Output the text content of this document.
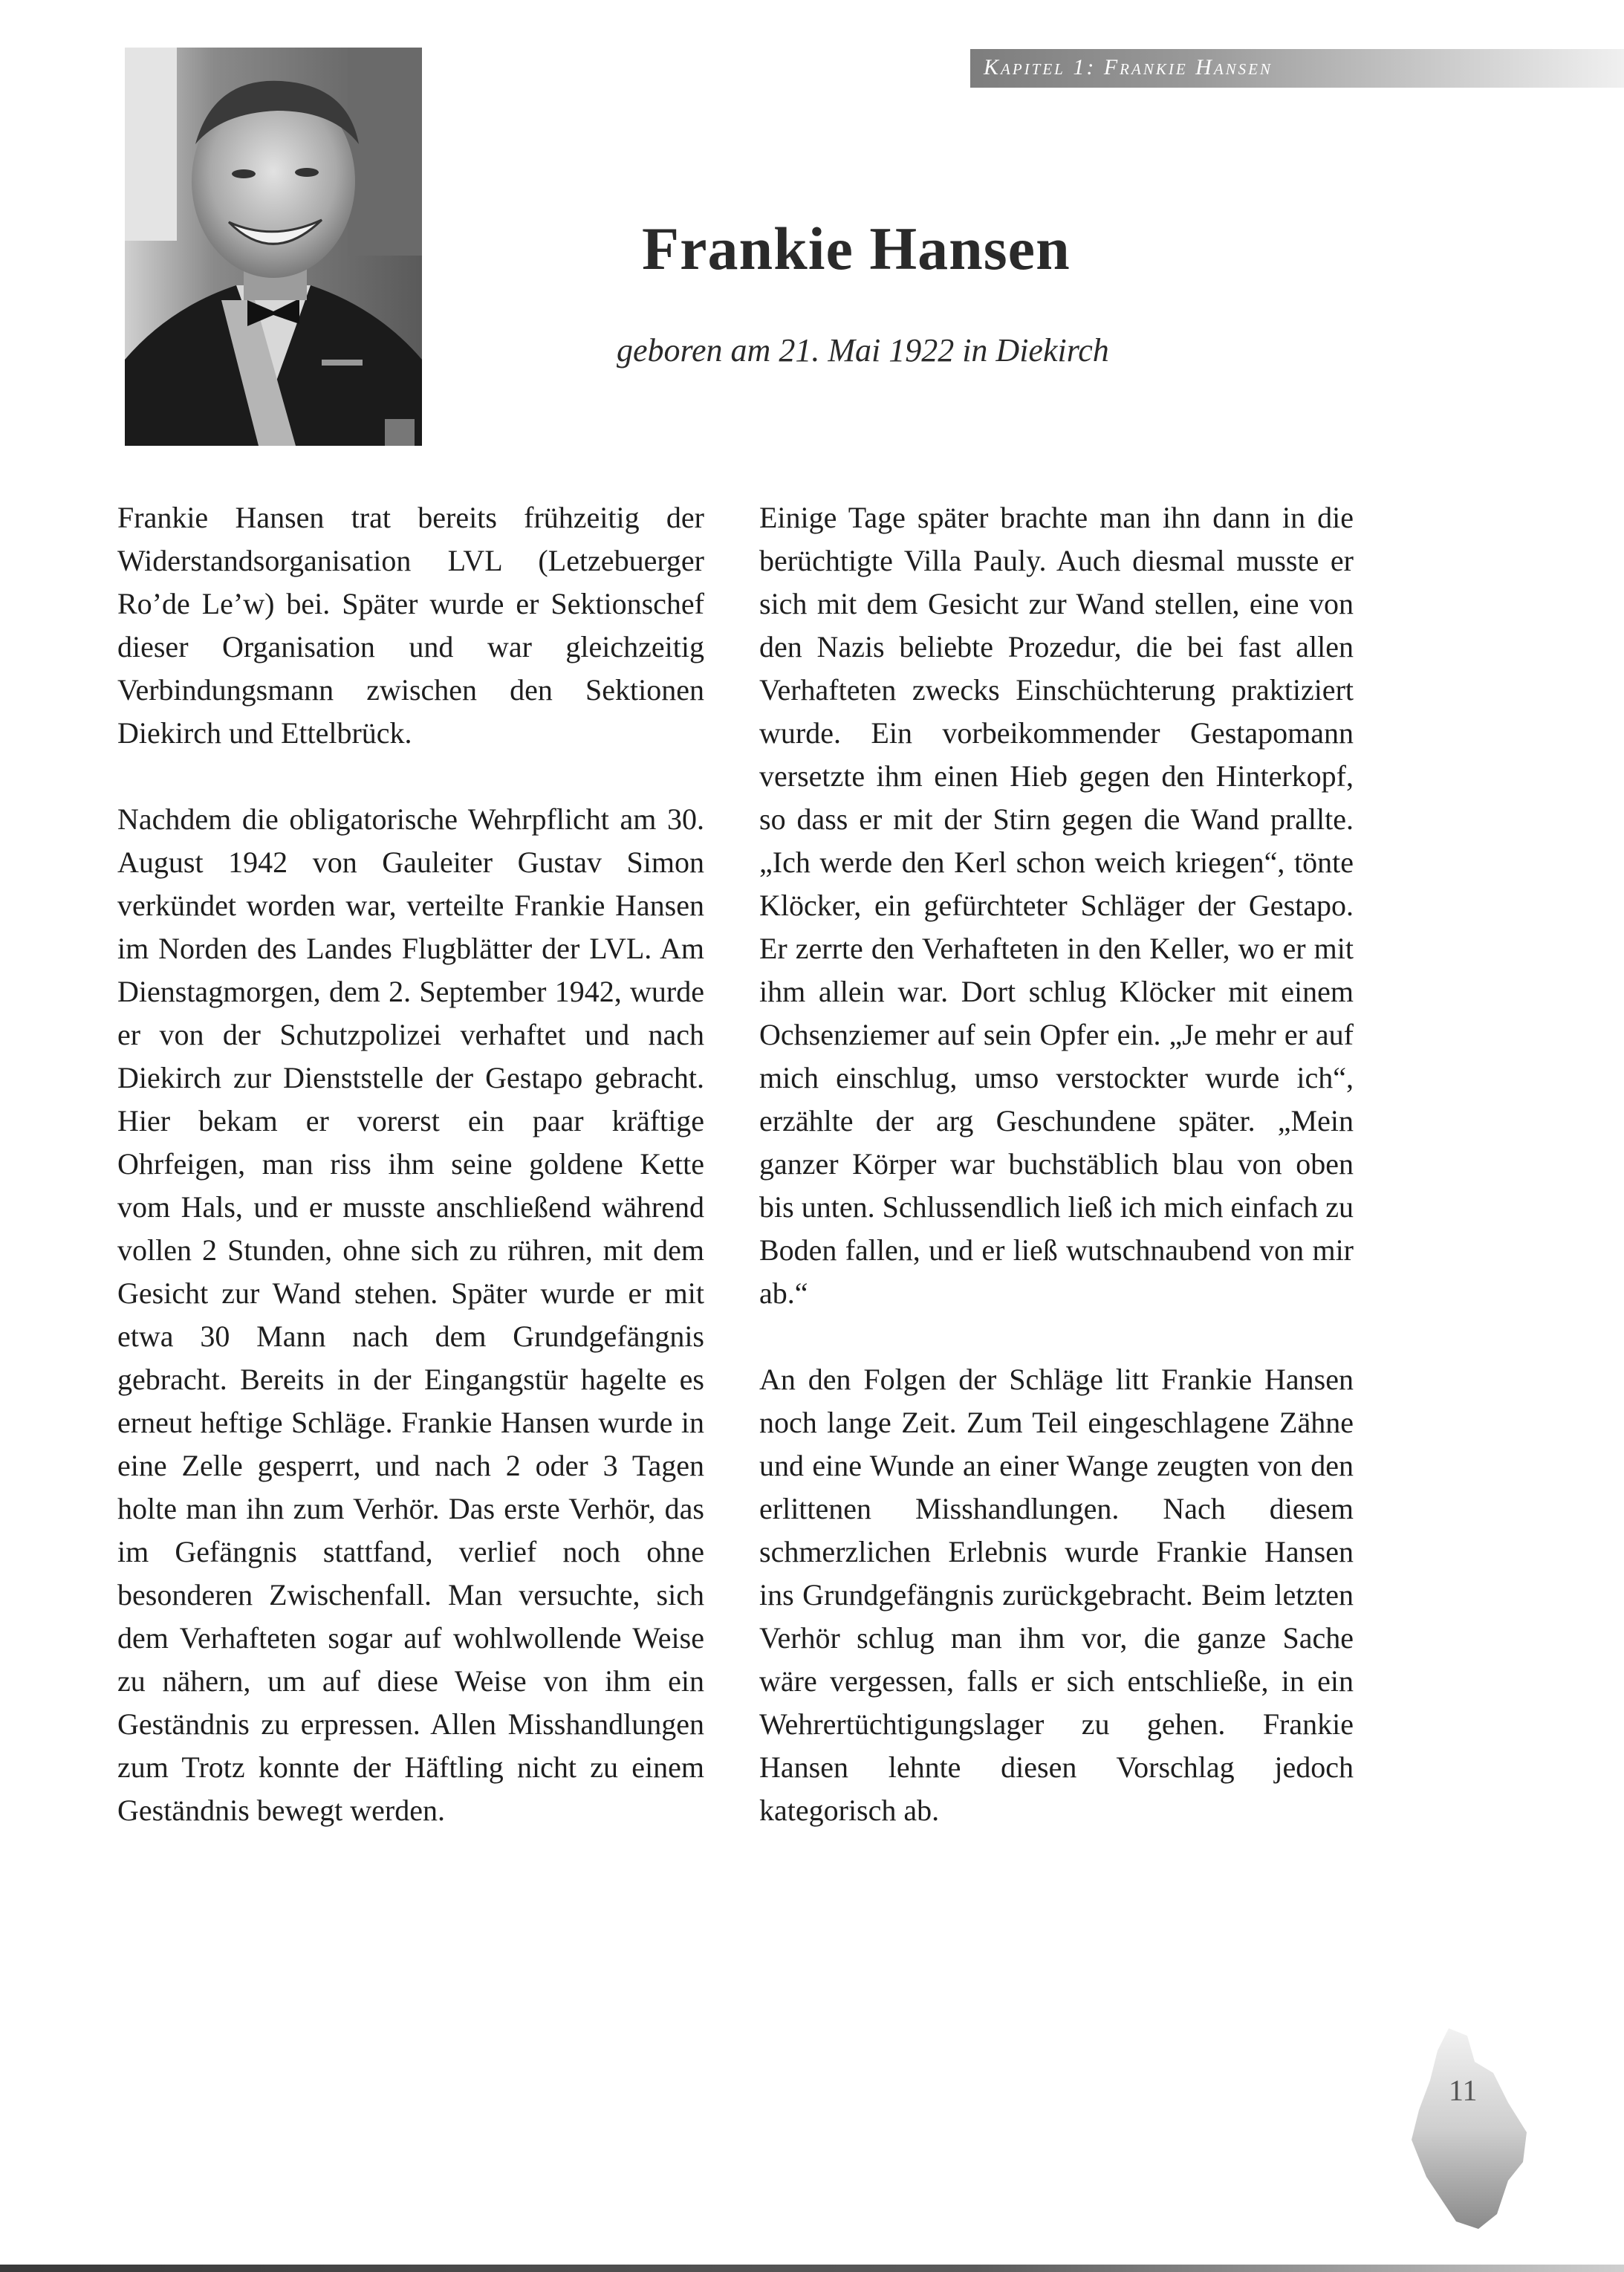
Kapitel 1: Frankie Hansen
Frankie Hansen
geboren am 21. Mai 1922 in Diekirch

Frankie Hansen trat bereits frühzeitig der Widerstandsorganisation LVL (Letzebuerger Ro’de Le’w) bei. Später wurde er Sektionschef dieser Organisation und war gleichzeitig Verbindungsmann zwischen den Sektionen Diekirch und Ettelbrück.

Nachdem die obligatorische Wehrpflicht am 30. August 1942 von Gauleiter Gustav Simon verkündet worden war, verteilte Frankie Hansen im Norden des Landes Flugblätter der LVL. Am Dienstagmorgen, dem 2. September 1942, wurde er von der Schutzpolizei verhaftet und nach Diekirch zur Dienststelle der Gestapo gebracht. Hier bekam er vorerst ein paar kräftige Ohrfeigen, man riss ihm seine goldene Kette vom Hals, und er musste anschließend während vollen 2 Stunden, ohne sich zu rühren, mit dem Gesicht zur Wand stehen. Später wurde er mit etwa 30 Mann nach dem Grundgefängnis gebracht. Bereits in der Eingangstür hagelte es erneut heftige Schläge. Frankie Hansen wurde in eine Zelle gesperrt, und nach 2 oder 3 Tagen holte man ihn zum Verhör. Das erste Verhör, das im Gefängnis stattfand, verlief noch ohne besonderen Zwischenfall. Man versuchte, sich dem Verhafteten sogar auf wohlwollende Weise zu nähern, um auf diese Weise von ihm ein Geständnis zu erpressen. Allen Misshandlungen zum Trotz konnte der Häftling nicht zu einem Geständnis bewegt werden.

Einige Tage später brachte man ihn dann in die berüchtigte Villa Pauly. Auch diesmal musste er sich mit dem Gesicht zur Wand stellen, eine von den Nazis beliebte Prozedur, die bei fast allen Verhafteten zwecks Einschüchterung praktiziert wurde. Ein vorbeikommender Gestapomann versetzte ihm einen Hieb gegen den Hinterkopf, so dass er mit der Stirn gegen die Wand prallte. „Ich werde den Kerl schon weich kriegen“, tönte Klöcker, ein gefürchteter Schläger der Gestapo. Er zerrte den Verhafteten in den Keller, wo er mit ihm allein war. Dort schlug Klöcker mit einem Ochsenziemer auf sein Opfer ein. „Je mehr er auf mich einschlug, umso verstockter wurde ich“, erzählte der arg Geschundene später. „Mein ganzer Körper war buchstäblich blau von oben bis unten. Schlussendlich ließ ich mich einfach zu Boden fallen, und er ließ wutschnaubend von mir ab.“

An den Folgen der Schläge litt Frankie Hansen noch lange Zeit. Zum Teil eingeschlagene Zähne und eine Wunde an einer Wange zeugten von den erlittenen Misshandlungen. Nach diesem schmerzlichen Erlebnis wurde Frankie Hansen ins Grundgefängnis zurückgebracht. Beim letzten Verhör schlug man ihm vor, die ganze Sache wäre vergessen, falls er sich entschließe, in ein Wehrertüchtigungslager zu gehen. Frankie Hansen lehnte diesen Vorschlag jedoch kategorisch ab.

11
